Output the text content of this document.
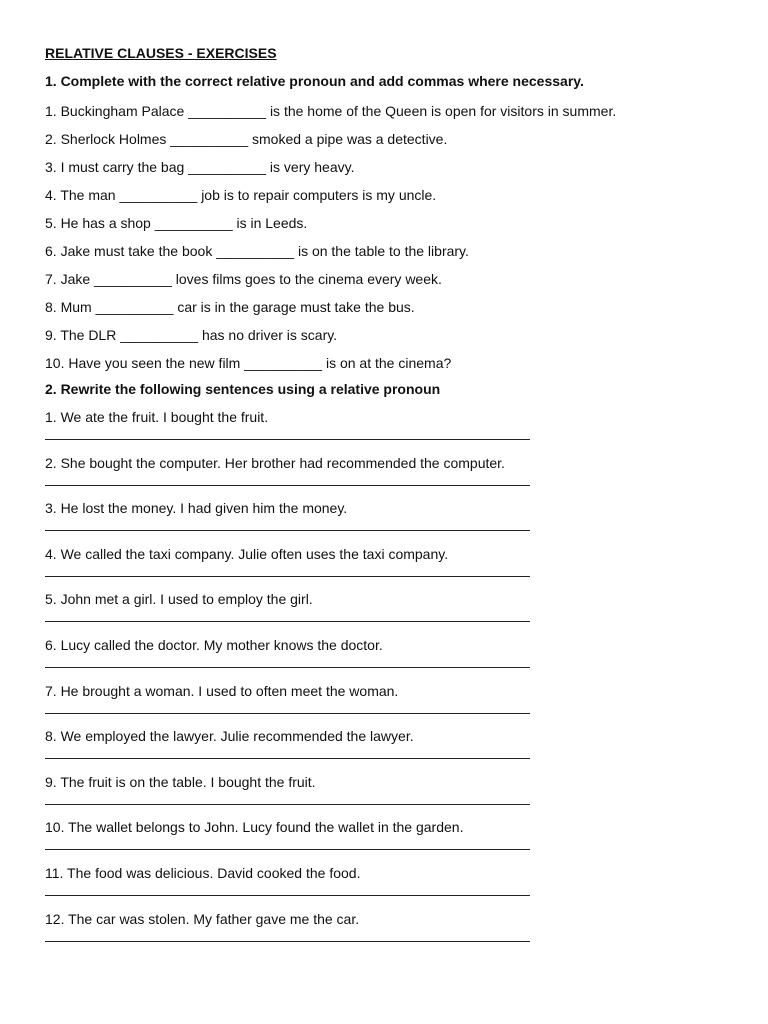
RELATIVE CLAUSES - EXERCISES
1. Complete with the correct relative pronoun and add commas where necessary.
1. Buckingham Palace __________ is the home of the Queen is open for visitors in summer.
2. Sherlock Holmes __________ smoked a pipe was a detective.
3. I must carry the bag __________ is very heavy.
4. The man __________ job is to repair computers is my uncle.
5. He has a shop __________ is in Leeds.
6. Jake must take the book __________ is on the table to the library.
7. Jake __________ loves films goes to the cinema every week.
8. Mum __________ car is in the garage must take the bus.
9. The DLR __________ has no driver is scary.
10. Have you seen the new film __________ is on at the cinema?
2. Rewrite the following sentences using a relative pronoun
1. We ate the fruit. I bought the fruit.
2. She bought the computer. Her brother had recommended the computer.
3. He lost the money. I had given him the money.
4. We called the taxi company. Julie often uses the taxi company.
5. John met a girl. I used to employ the girl.
6. Lucy called the doctor. My mother knows the doctor.
7. He brought a woman. I used to often meet the woman.
8. We employed the lawyer. Julie recommended the lawyer.
9. The fruit is on the table. I bought the fruit.
10. The wallet belongs to John. Lucy found the wallet in the garden.
11. The food was delicious. David cooked the food.
12. The car was stolen. My father gave me the car.
